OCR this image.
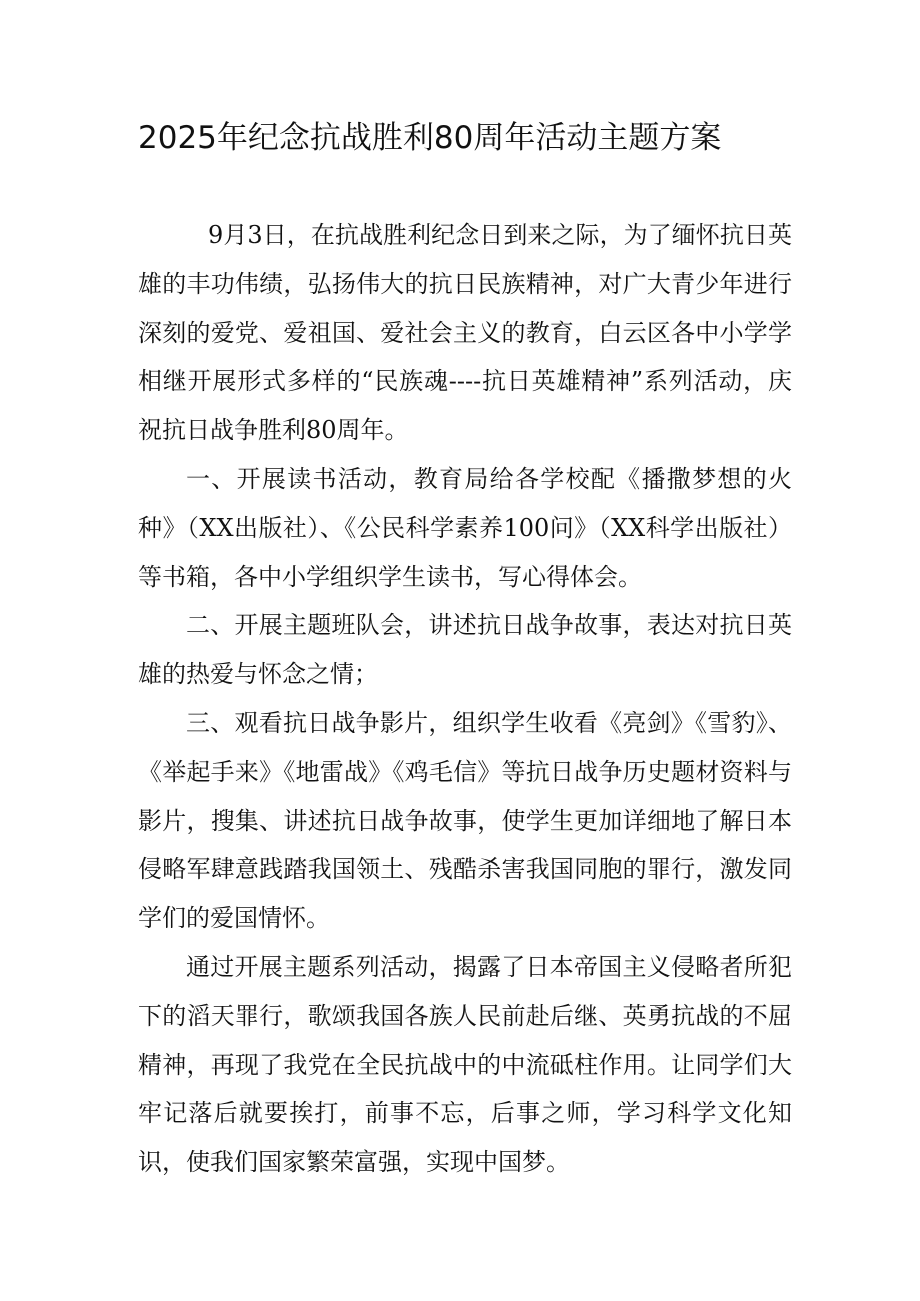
2025年纪念抗战胜利80周年活动主题方案

9月3日，在抗战胜利纪念日到来之际，为了缅怀抗日英雄的丰功伟绩，弘扬伟大的抗日民族精神，对广大青少年进行深刻的爱党、爱祖国、爱社会主义的教育，白云区各中小学学相继开展形式多样的“民族魂----抗日英雄精神”系列活动，庆祝抗日战争胜利80周年。

一、开展读书活动，教育局给各学校配《播撒梦想的火种》（XX出版社）、《公民科学素养100问》（XX科学出版社）等书箱，各中小学组织学生读书，写心得体会。

二、开展主题班队会，讲述抗日战争故事，表达对抗日英雄的热爱与怀念之情；

三、观看抗日战争影片，组织学生收看《亮剑》《雪豹》、《举起手来》《地雷战》《鸡毛信》等抗日战争历史题材资料与影片，搜集、讲述抗日战争故事，使学生更加详细地了解日本侵略军肆意践踏我国领土、残酷杀害我国同胞的罪行，激发同学们的爱国情怀。

通过开展主题系列活动，揭露了日本帝国主义侵略者所犯下的滔天罪行，歌颂我国各族人民前赴后继、英勇抗战的不屈精神，再现了我党在全民抗战中的中流砥柱作用。让同学们大牢记落后就要挨打，前事不忘，后事之师，学习科学文化知识，使我们国家繁荣富强，实现中国梦。
